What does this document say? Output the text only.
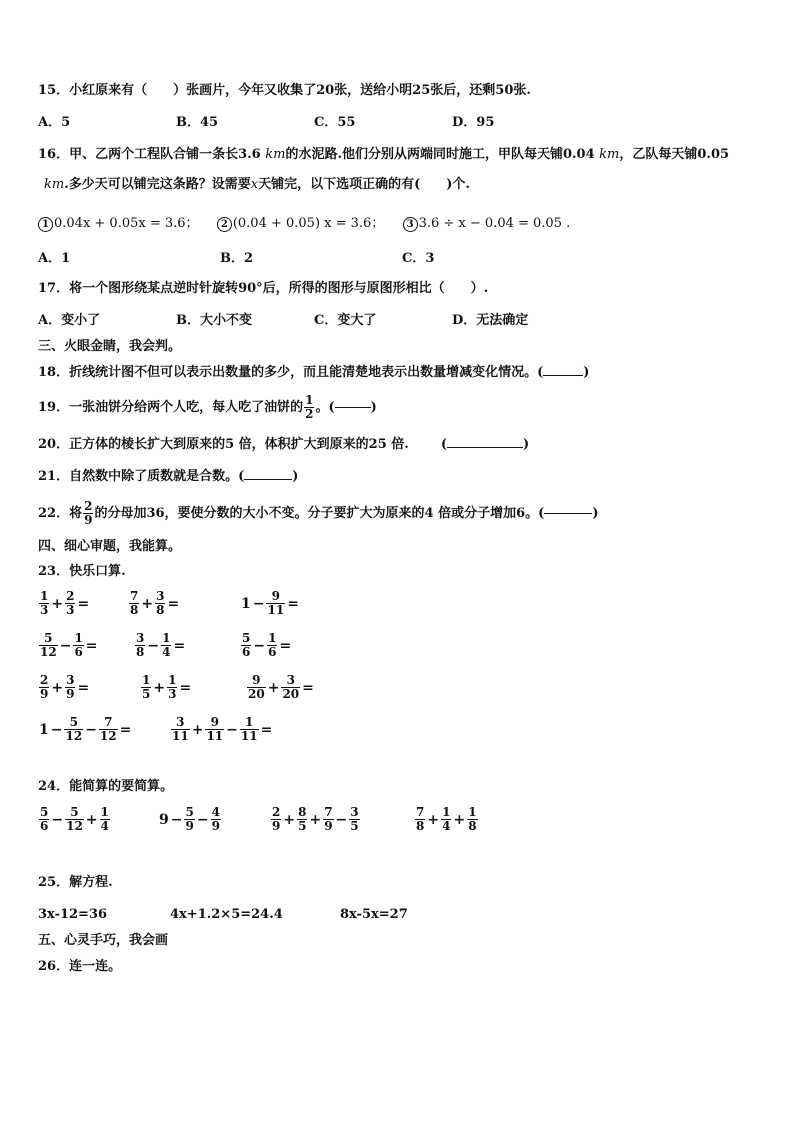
15．小红原来有（　　）张画片，今年又收集了20张，送给小明25张后，还剩50张.
A．5	B．45	C．55	D．95
16．甲、乙两个工程队合铺一条长3.6 km的水泥路.他们分别从两端同时施工，甲队每天铺0.04 km，乙队每天铺0.05
km.多少天可以铺完这条路？设需要x天铺完，以下选项正确的有(　　)个.
1 0.04x + 0.05x = 3.6； 2 (0.04 + 0.05) x = 3.6； 3 3.6 ÷ x − 0.04 = 0.05 .
A．1	B．2	C．3
17．将一个图形绕某点逆时针旋转90°后，所得的图形与原图形相比（　　）.
A．变小了	B．大小不变	C．变大了	D．无法确定
三、火眼金睛，我会判。
18．折线统计图不但可以表示出数量的多少，而且能清楚地表示出数量增减变化情况。(	)
19．一张油饼分给两个人吃，每人吃了油饼的 $\frac{1}{2}$ 。(	)
20．正方体的棱长扩大到原来的5 倍，体积扩大到原来的25 倍. (	)
21．自然数中除了质数就是合数。(	)
22．将 $\frac{2}{9}$ 的分母加36，要使分数的大小不变。分子要扩大为原来的4 倍或分子增加6。(	)
四、细心审题，我能算。
23．快乐口算.
$\frac{1}{3} + \frac{2}{3}$ =	$\frac{7}{8} + \frac{3}{8}$ =	$1 - \frac{9}{11}$ =
$\frac{5}{12} - \frac{1}{6}$ =	$\frac{3}{8} - \frac{1}{4}$ =	$\frac{5}{6} - \frac{1}{6}$ =
$\frac{2}{9} + \frac{3}{9}$ =	$\frac{1}{5} + \frac{1}{3}$ =	$\frac{9}{20} + \frac{3}{20}$ =
$1 - \frac{5}{12} - \frac{7}{12}$ =	$\frac{3}{11} + \frac{9}{11} - \frac{1}{11}$ =
24．能简算的要简算。
$\frac{5}{6} - \frac{5}{12} + \frac{1}{4}$	$9 - \frac{5}{9} - \frac{4}{9}$	$\frac{2}{9} + \frac{8}{5} + \frac{7}{9} - \frac{3}{5}$	$\frac{7}{8} + \frac{1}{4} + \frac{1}{8}$
25．解方程.
3x-12=36	4x+1.2×5=24.4	8x-5x=27
五、心灵手巧，我会画
26．连一连。
